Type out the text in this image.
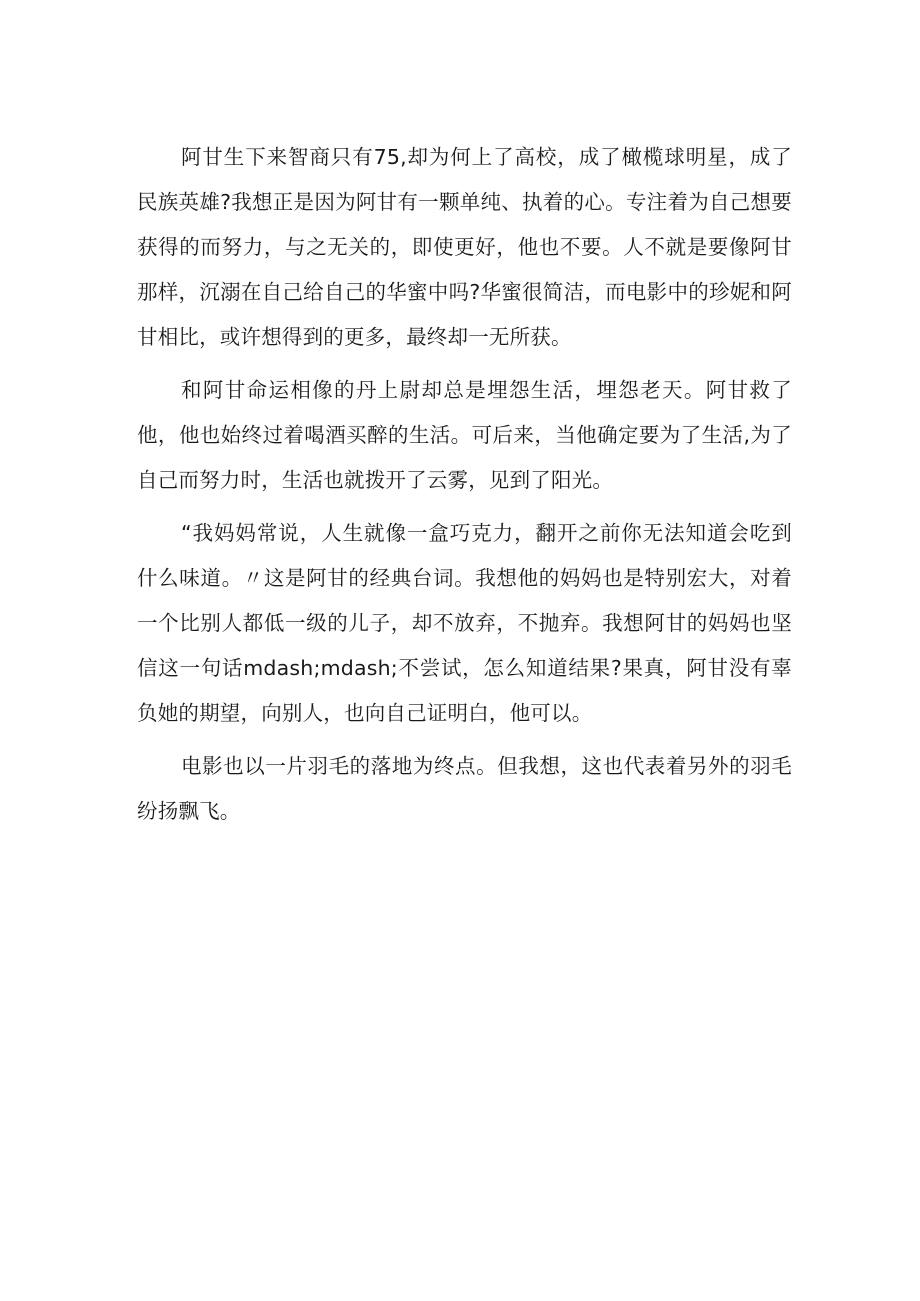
阿甘生下来智商只有75,却为何上了高校，成了橄榄球明星，成了民族英雄?我想正是因为阿甘有一颗单纯、执着的心。专注着为自己想要获得的而努力，与之无关的，即使更好，他也不要。人不就是要像阿甘那样，沉溺在自己给自己的华蜜中吗?华蜜很简洁，而电影中的珍妮和阿甘相比，或许想得到的更多，最终却一无所获。

和阿甘命运相像的丹上尉却总是埋怨生活，埋怨老天。阿甘救了他，他也始终过着喝酒买醉的生活。可后来，当他确定要为了生活,为了自己而努力时，生活也就拨开了云雾，见到了阳光。

“我妈妈常说，人生就像一盒巧克力，翻开之前你无法知道会吃到什么味道。〃这是阿甘的经典台词。我想他的妈妈也是特别宏大，对着一个比别人都低一级的儿子，却不放弃，不抛弃。我想阿甘的妈妈也坚信这一句话mdash;mdash;不尝试，怎么知道结果?果真，阿甘没有辜负她的期望，向别人，也向自己证明白，他可以。

电影也以一片羽毛的落地为终点。但我想，这也代表着另外的羽毛纷扬飘飞。
